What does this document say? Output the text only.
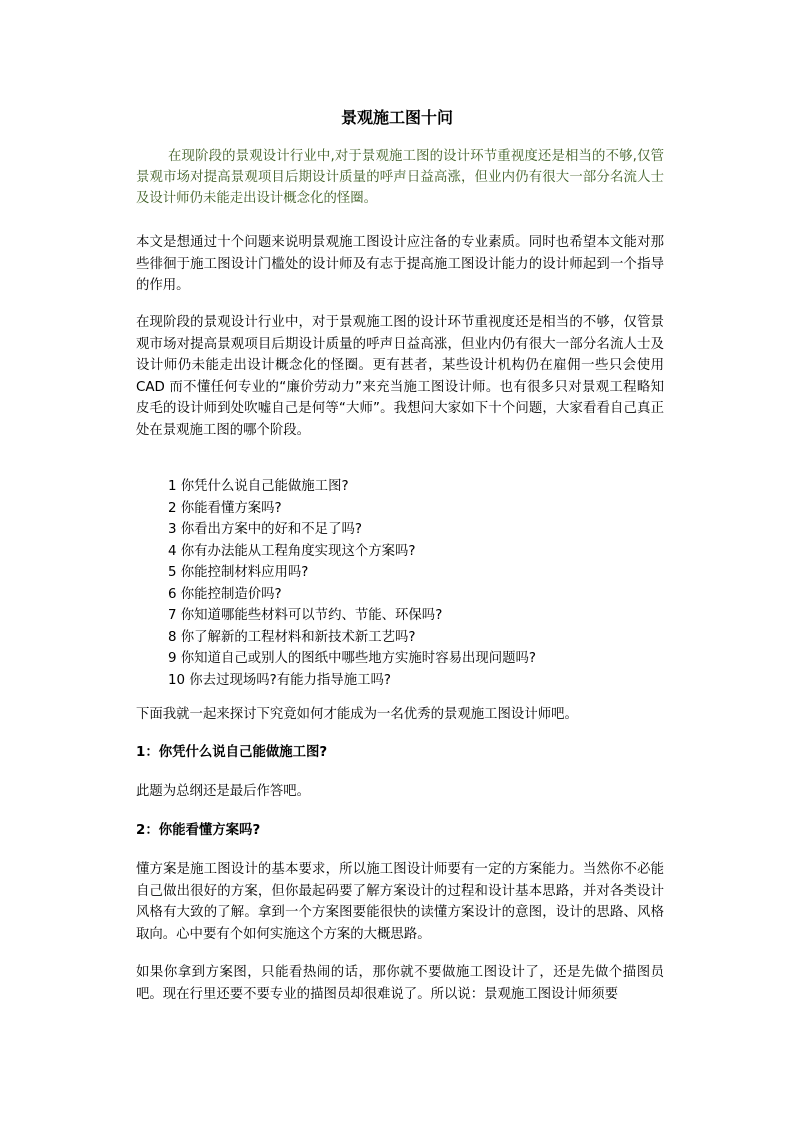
景观施工图十问
在现阶段的景观设计行业中,对于景观施工图的设计环节重视度还是相当的不够,仅管景观市场对提高景观项目后期设计质量的呼声日益高涨，但业内仍有很大一部分名流人士及设计师仍未能走出设计概念化的怪圈。

本文是想通过十个问题来说明景观施工图设计应注备的专业素质。同时也希望本文能对那些徘徊于施工图设计门槛处的设计师及有志于提高施工图设计能力的设计师起到一个指导的作用。

在现阶段的景观设计行业中，对于景观施工图的设计环节重视度还是相当的不够，仅管景观市场对提高景观项目后期设计质量的呼声日益高涨，但业内仍有很大一部分名流人士及设计师仍未能走出设计概念化的怪圈。更有甚者，某些设计机构仍在雇佣一些只会使用CAD 而不懂任何专业的“廉价劳动力”来充当施工图设计师。也有很多只对景观工程略知皮毛的设计师到处吹嘘自己是何等“大师”。我想问大家如下十个问题，大家看看自己真正处在景观施工图的哪个阶段。

1 你凭什么说自己能做施工图?
2 你能看懂方案吗?
3 你看出方案中的好和不足了吗?
4 你有办法能从工程角度实现这个方案吗?
5 你能控制材料应用吗?
6 你能控制造价吗?
7 你知道哪能些材料可以节约、节能、环保吗?
8 你了解新的工程材料和新技术新工艺吗?
9 你知道自己或别人的图纸中哪些地方实施时容易出现问题吗?
10 你去过现场吗?有能力指导施工吗?

下面我就一起来探讨下究竟如何才能成为一名优秀的景观施工图设计师吧。

1：你凭什么说自己能做施工图?

此题为总纲还是最后作答吧。

2：你能看懂方案吗?

懂方案是施工图设计的基本要求，所以施工图设计师要有一定的方案能力。当然你不必能自己做出很好的方案，但你最起码要了解方案设计的过程和设计基本思路，并对各类设计风格有大致的了解。拿到一个方案图要能很快的读懂方案设计的意图，设计的思路、风格取向。心中要有个如何实施这个方案的大概思路。

如果你拿到方案图，只能看热闹的话，那你就不要做施工图设计了，还是先做个描图员吧。现在行里还要不要专业的描图员却很难说了。所以说：景观施工图设计师须要
